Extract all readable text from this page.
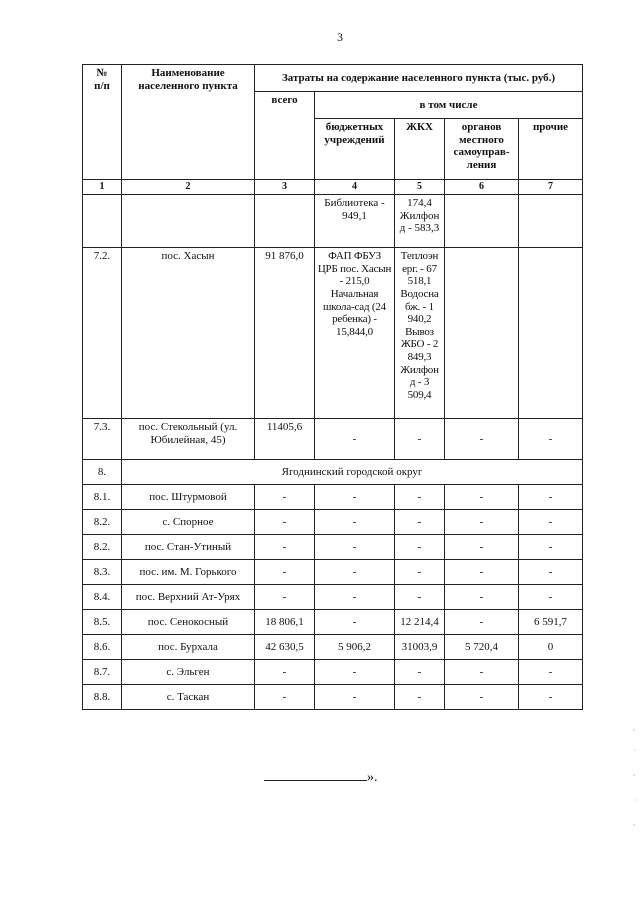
3
№
п/п	Наименование населенного пункта	Затраты на содержание населенного пункта (тыс. руб.)				
		всего	в том числе			
			бюджетных учреждений	ЖКХ	органов местного самоуправ-ления	прочие
1	2	3	4	5	6	7
			Библиотека - 949,1	174,4 Жилфон д - 583,3		
7.2.	пос. Хасын	91 876,0	ФАП ФБУЗ ЦРБ пос. Хасын - 215,0 Начальная школа-сад (24 ребенка) - 15,844,0	Теплоэн ерг. - 67 518,1 Водосна бж. - 1 940,2 Вывоз ЖБО - 2 849,3 Жилфон д - 3 509,4		
7.3.	пос. Стекольный (ул. Юбилейная, 45)	11405,6	-	-	-	-
8.	Ягоднинский городской округ					
8.1.	пос. Штурмовой	-	-	-	-	-
8.2.	с. Спорное	-	-	-	-	-
8.2.	пос. Стан-Утиный	-	-	-	-	-
8.3.	пос. им. М. Горького	-	-	-	-	-
8.4.	пос. Верхний Ат-Урях	-	-	-	-	-
8.5.	пос. Сенокосный	18 806,1	-	12 214,4	-	6 591,7
8.6.	пос. Бурхала	42 630,5	5 906,2	31003,9	5 720,4	0
8.7.	с. Эльген	-	-	-	-	-
8.8.	с. Таскан	-	-	-	-	-
».
